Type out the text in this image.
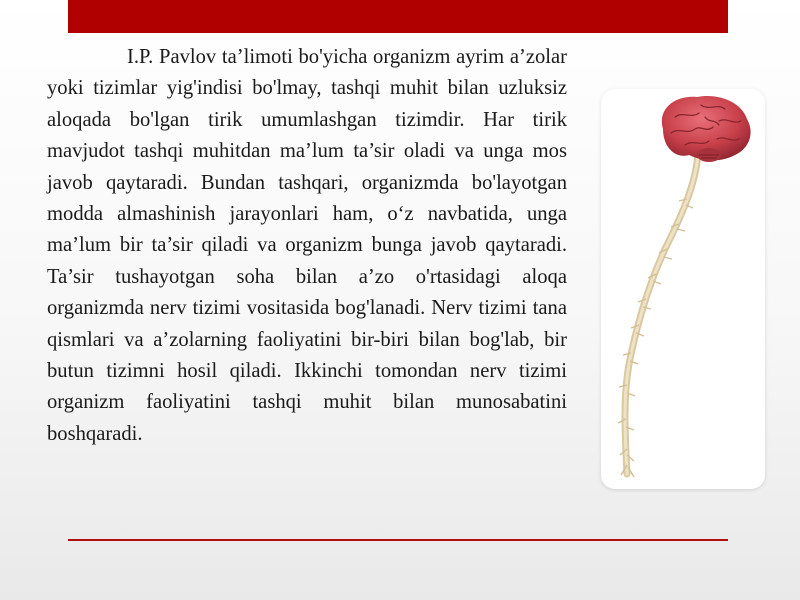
I.P. Pavlov ta’limoti bo'yicha organizm ayrim a’zolar yoki tizimlar yig'indisi bo'lmay, tashqi muhit bilan uzluksiz aloqada bo'lgan tirik umumlashgan tizimdir. Har tirik mavjudot tashqi muhitdan ma’lum ta’sir oladi va unga mos javob qaytaradi. Bundan tashqari, organizmda bo'layotgan modda almashinish jarayonlari ham, o‘z navbatida, unga ma’lum bir ta’sir qiladi va organizm bunga javob qaytaradi. Ta’sir tushayotgan soha bilan a’zo o'rtasidagi aloqa organizmda nerv tizimi vositasida bog'lanadi. Nerv tizimi tana qismlari va a’zolarning faoliyatini bir-biri bilan bog'lab, bir butun tizimni hosil qiladi. Ikkinchi tomondan nerv tizimi organizm faoliyatini tashqi muhit bilan munosabatini boshqaradi.
